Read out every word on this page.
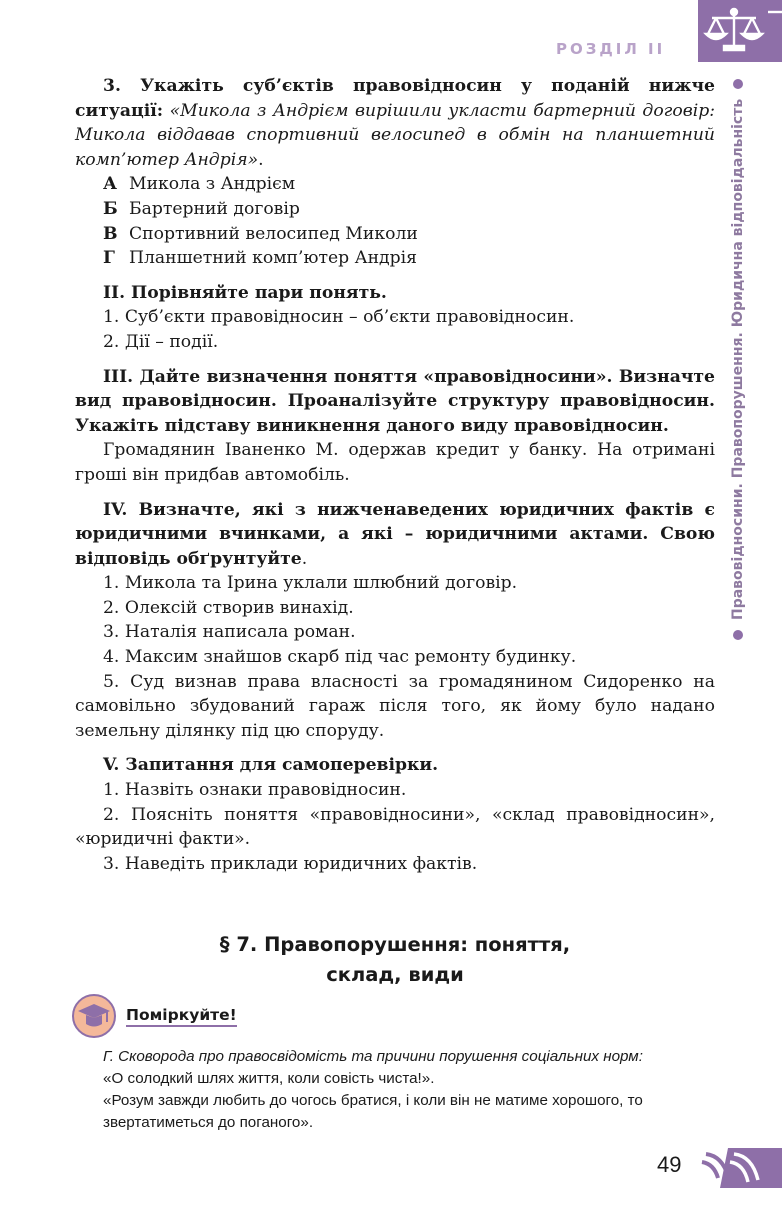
РОЗДІЛ ІІ
Правовідносини. Правопорушення. Юридична відповідальність

3. Укажіть суб’єктів правовідносин у поданій нижче ситуації: «Микола з Андрієм вирішили укласти бартерний договір: Микола віддавав спортивний велосипед в обмін на планшетний комп’ютер Андрія».

А Микола з Андрієм

Б Бартерний договір

В Спортивний велосипед Миколи

Г Планшетний комп’ютер Андрія

ІІ. Порівняйте пари понять.

1. Суб’єкти правовідносин – об’єкти правовідносин.

2. Дії – події.

ІІІ. Дайте визначення поняття «правовідносини». Визначте вид правовідносин. Проаналізуйте структуру правовідносин. Укажіть підставу виникнення даного виду правовідносин.

Громадянин Іваненко М. одержав кредит у банку. На отримані гроші він придбав автомобіль.

ІV. Визначте, які з нижченаведених юридичних фактів є юридичними вчинками, а які – юридичними актами. Свою відповідь обґрунтуйте.

1. Микола та Ірина уклали шлюбний договір.

2. Олексій створив винахід.

3. Наталія написала роман.

4. Максим знайшов скарб під час ремонту будинку.

5. Суд визнав права власності за громадянином Сидоренко на самовільно збудований гараж після того, як йому було надано земельну ділянку під цю споруду.

V. Запитання для самоперевірки.

1. Назвіть ознаки правовідносин.

2. Поясніть поняття «правовідносини», «склад правовідносин», «юридичні факти».

3. Наведіть приклади юридичних фактів.

§ 7. Правопорушення: поняття,
склад, види
Поміркуйте!

Г. Сковорода про правосвідомість та причини порушення соціальних норм:

«О солодкий шлях життя, коли совість чиста!».

«Розум завжди любить до чогось братися, і коли він не матиме хорошого, то звертатиметься до поганого».

49
